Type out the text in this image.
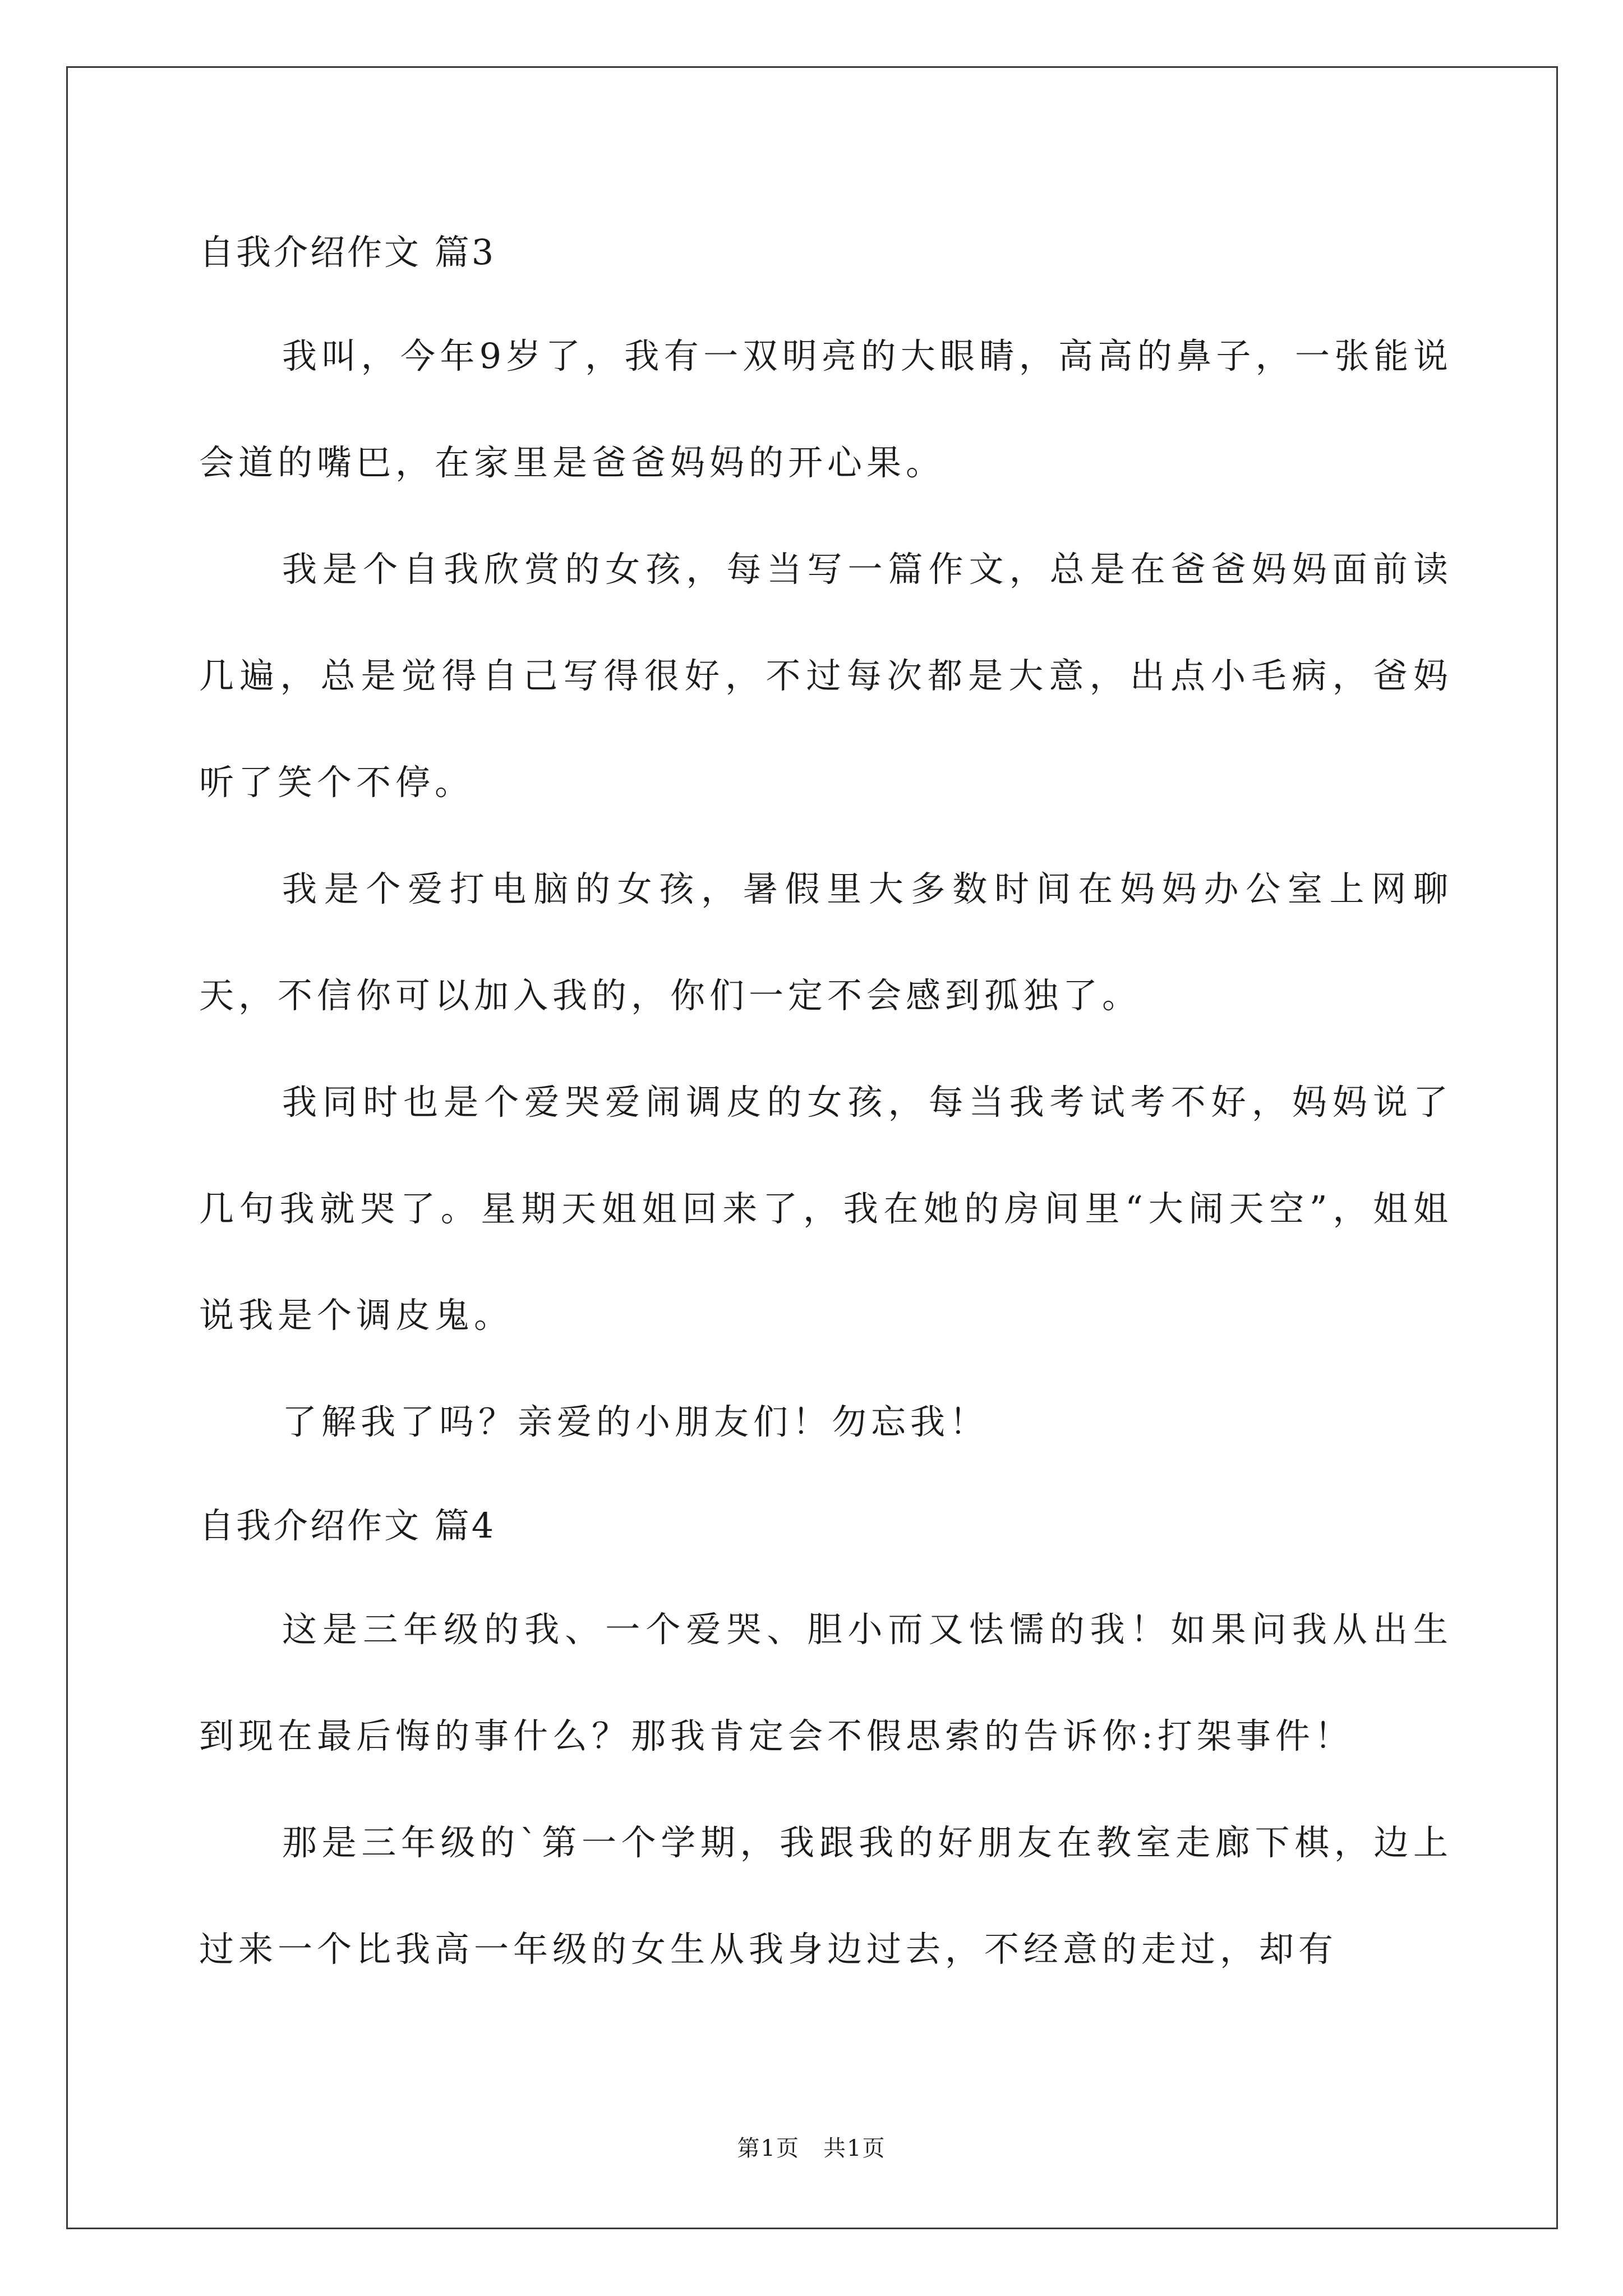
自我介绍作文 篇3

我叫，今年9岁了，我有一双明亮的大眼睛，高高的鼻子，一张能说会道的嘴巴，在家里是爸爸妈妈的开心果。

我是个自我欣赏的女孩，每当写一篇作文，总是在爸爸妈妈面前读几遍，总是觉得自己写得很好，不过每次都是大意，出点小毛病，爸妈听了笑个不停。

我是个爱打电脑的女孩，暑假里大多数时间在妈妈办公室上网聊天，不信你可以加入我的，你们一定不会感到孤独了。

我同时也是个爱哭爱闹调皮的女孩，每当我考试考不好，妈妈说了几句我就哭了。星期天姐姐回来了，我在她的房间里“大闹天空”，姐姐说我是个调皮鬼。

了解我了吗？亲爱的小朋友们！勿忘我！

自我介绍作文 篇4

这是三年级的我、一个爱哭、胆小而又怯懦的我！如果问我从出生到现在最后悔的事什么？那我肯定会不假思索的告诉你:打架事件！

那是三年级的`第一个学期，我跟我的好朋友在教室走廊下棋，边上过来一个比我高一年级的女生从我身边过去，不经意的走过，却有

第1页　共1页
